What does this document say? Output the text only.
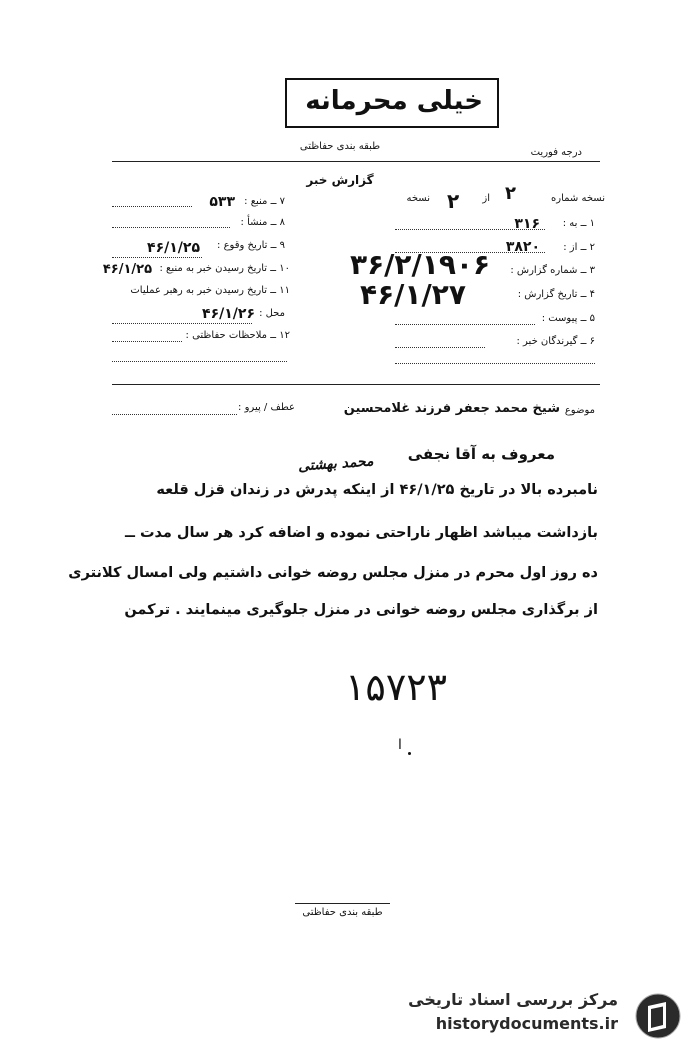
خیلی محرمانه
طبقه بندی حفاظتی
درجه فوریت
گزارش خبر
۷ ــ منبع :
۵۳۳
۸ ــ منشأ :
۹ ــ تاریخ وقوع :
۴۶/۱/۲۵
۱۰ ــ تاریخ رسیدن خبر به منبع :
۴۶/۱/۲۵
۱۱ ــ تاریخ رسیدن خبر به رهبر عملیات
محل :
۴۶/۱/۲۶
۱۲ ــ ملاحظات حفاظتی :
نسخه شماره
۲
از
۲
نسخه
۱ ــ به :
۳۱۶
۲ ــ از :
۳۸۲۰
۳ ــ شماره گزارش :
۳۶/۲/۱۹۰۶
۴ ــ تاریخ گزارش :
۴۶/۱/۲۷
۵ ــ پیوست :
۶ ــ گیرندگان خبر :
موضوع
شیخ محمد جعفر فرزند غلامحسین
عطف / پیرو :
معروف به آقا نجفی
محمد بهشتی
نامبرده بالا در تاریخ ۴۶/۱/۲۵ از اینکه پدرش در زندان قزل قلعه
بازداشت میباشد اظهار ناراحتی نموده و اضافه کرد هر سال مدت ــ
ده روز اول محرم در منزل مجلس روضه خوانی داشتیم ولی امسال کلانتری
از برگذاری مجلس روضه خوانی در منزل جلوگیری مینمایند . ترکمن
۱۵۷۲۳
ا
طبقه بندی حفاظتی
مرکز بررسی اسناد تاریخی
historydocuments.ir
